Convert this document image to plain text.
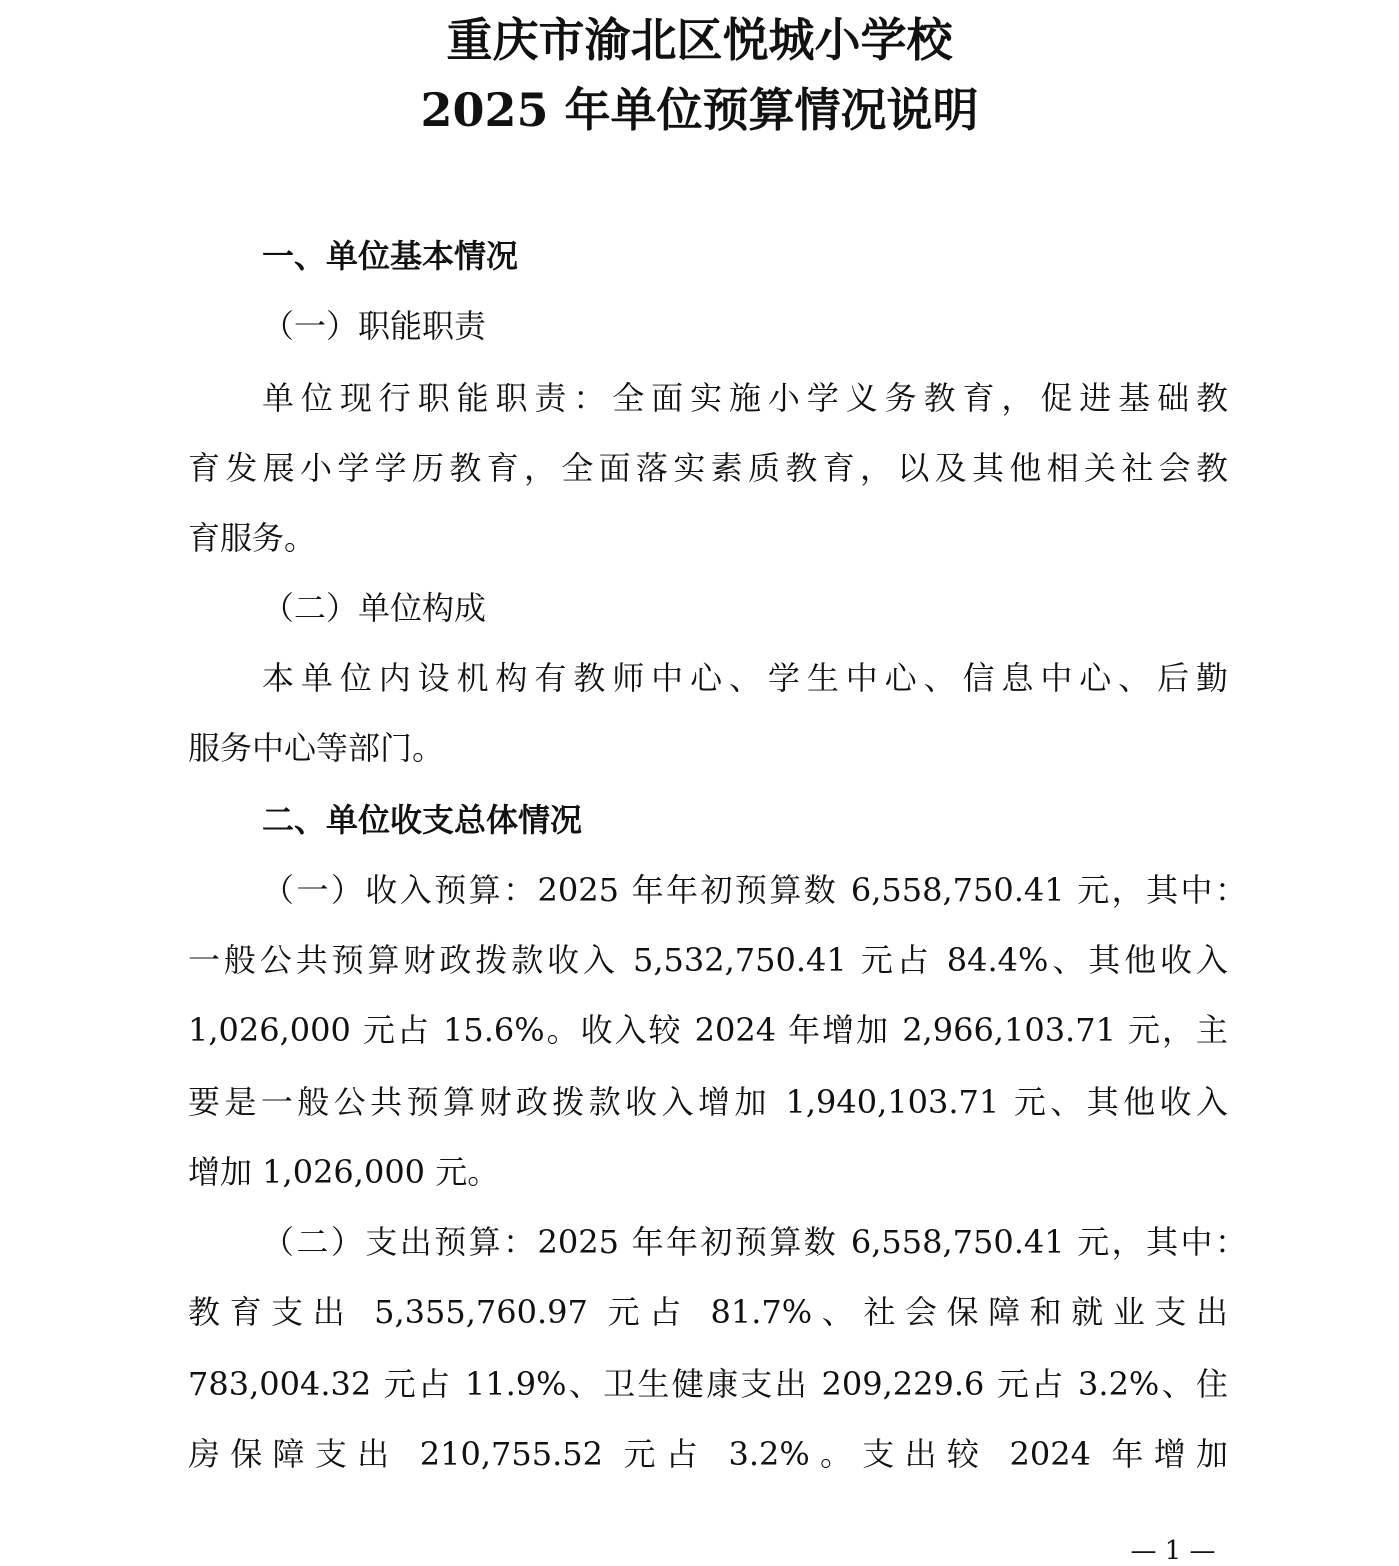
重庆市渝北区悦城小学校
2025 年单位预算情况说明
一、单位基本情况
（一）职能职责
单位现行职能职责：全面实施小学义务教育，促进基础教
育发展小学学历教育，全面落实素质教育，以及其他相关社会教
育服务。
（二）单位构成
本单位内设机构有教师中心、学生中心、信息中心、后勤
服务中心等部门。
二、单位收支总体情况
（一）收入预算：2025 年年初预算数 6,558,750.41 元，其中：
一般公共预算财政拨款收入 5,532,750.41 元占 84.4%、其他收入
1,026,000 元占 15.6%。收入较 2024 年增加 2,966,103.71 元，主
要是一般公共预算财政拨款收入增加 1,940,103.71 元、其他收入
增加 1,026,000 元。
（二）支出预算：2025 年年初预算数 6,558,750.41 元，其中：
教育支出 5,355,760.97 元占 81.7%、社会保障和就业支出
783,004.32 元占 11.9%、卫生健康支出 209,229.6 元占 3.2%、住
房保障支出 210,755.52 元占 3.2%。支出较 2024 年增加
— 1 —
